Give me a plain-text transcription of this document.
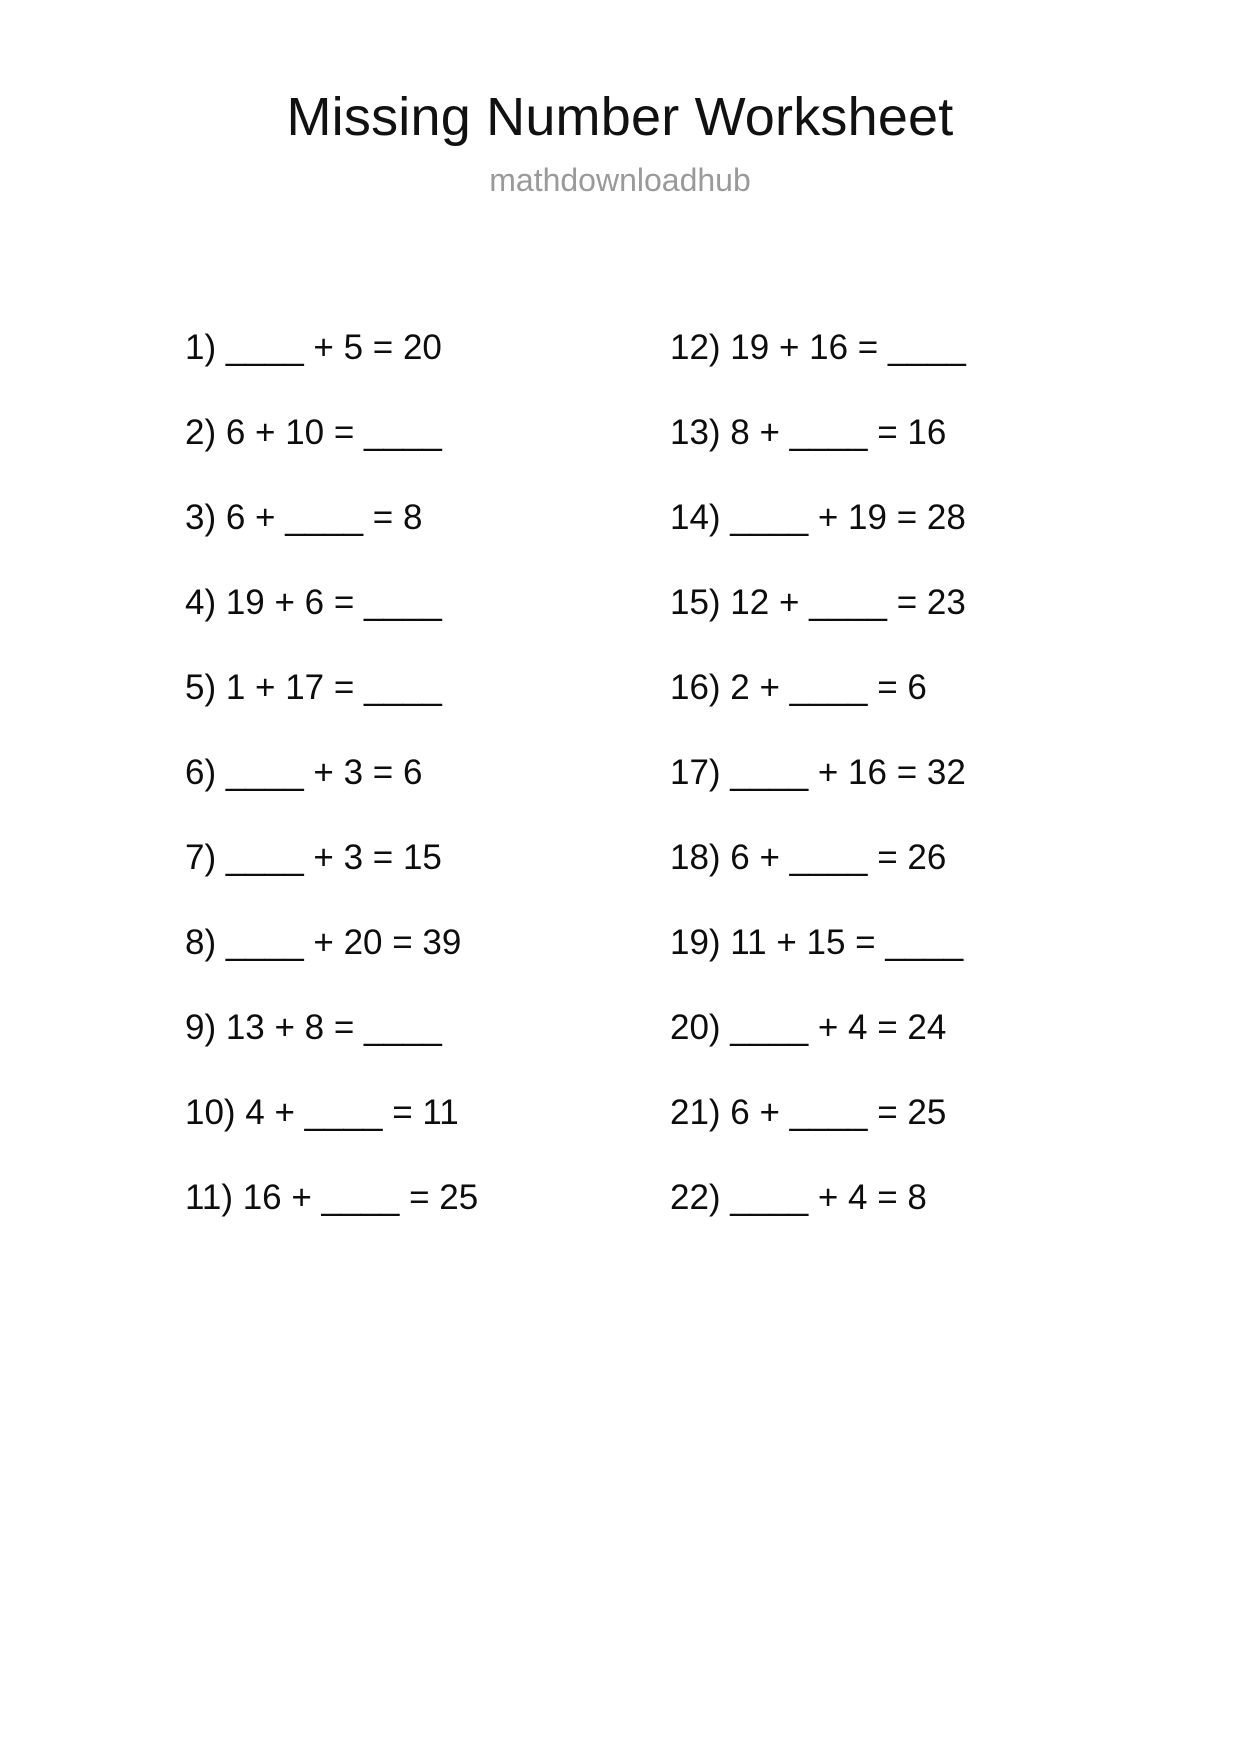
Missing Number Worksheet
mathdownloadhub
1) ____ + 5 = 20
2) 6 + 10 = ____
3) 6 + ____ = 8
4) 19 + 6 = ____
5) 1 + 17 = ____
6) ____ + 3 = 6
7) ____ + 3 = 15
8) ____ + 20 = 39
9) 13 + 8 = ____
10) 4 + ____ = 11
11) 16 + ____ = 25
12) 19 + 16 = ____
13) 8 + ____ = 16
14) ____ + 19 = 28
15) 12 + ____ = 23
16) 2 + ____ = 6
17) ____ + 16 = 32
18) 6 + ____ = 26
19) 11 + 15 = ____
20) ____ + 4 = 24
21) 6 + ____ = 25
22) ____ + 4 = 8
